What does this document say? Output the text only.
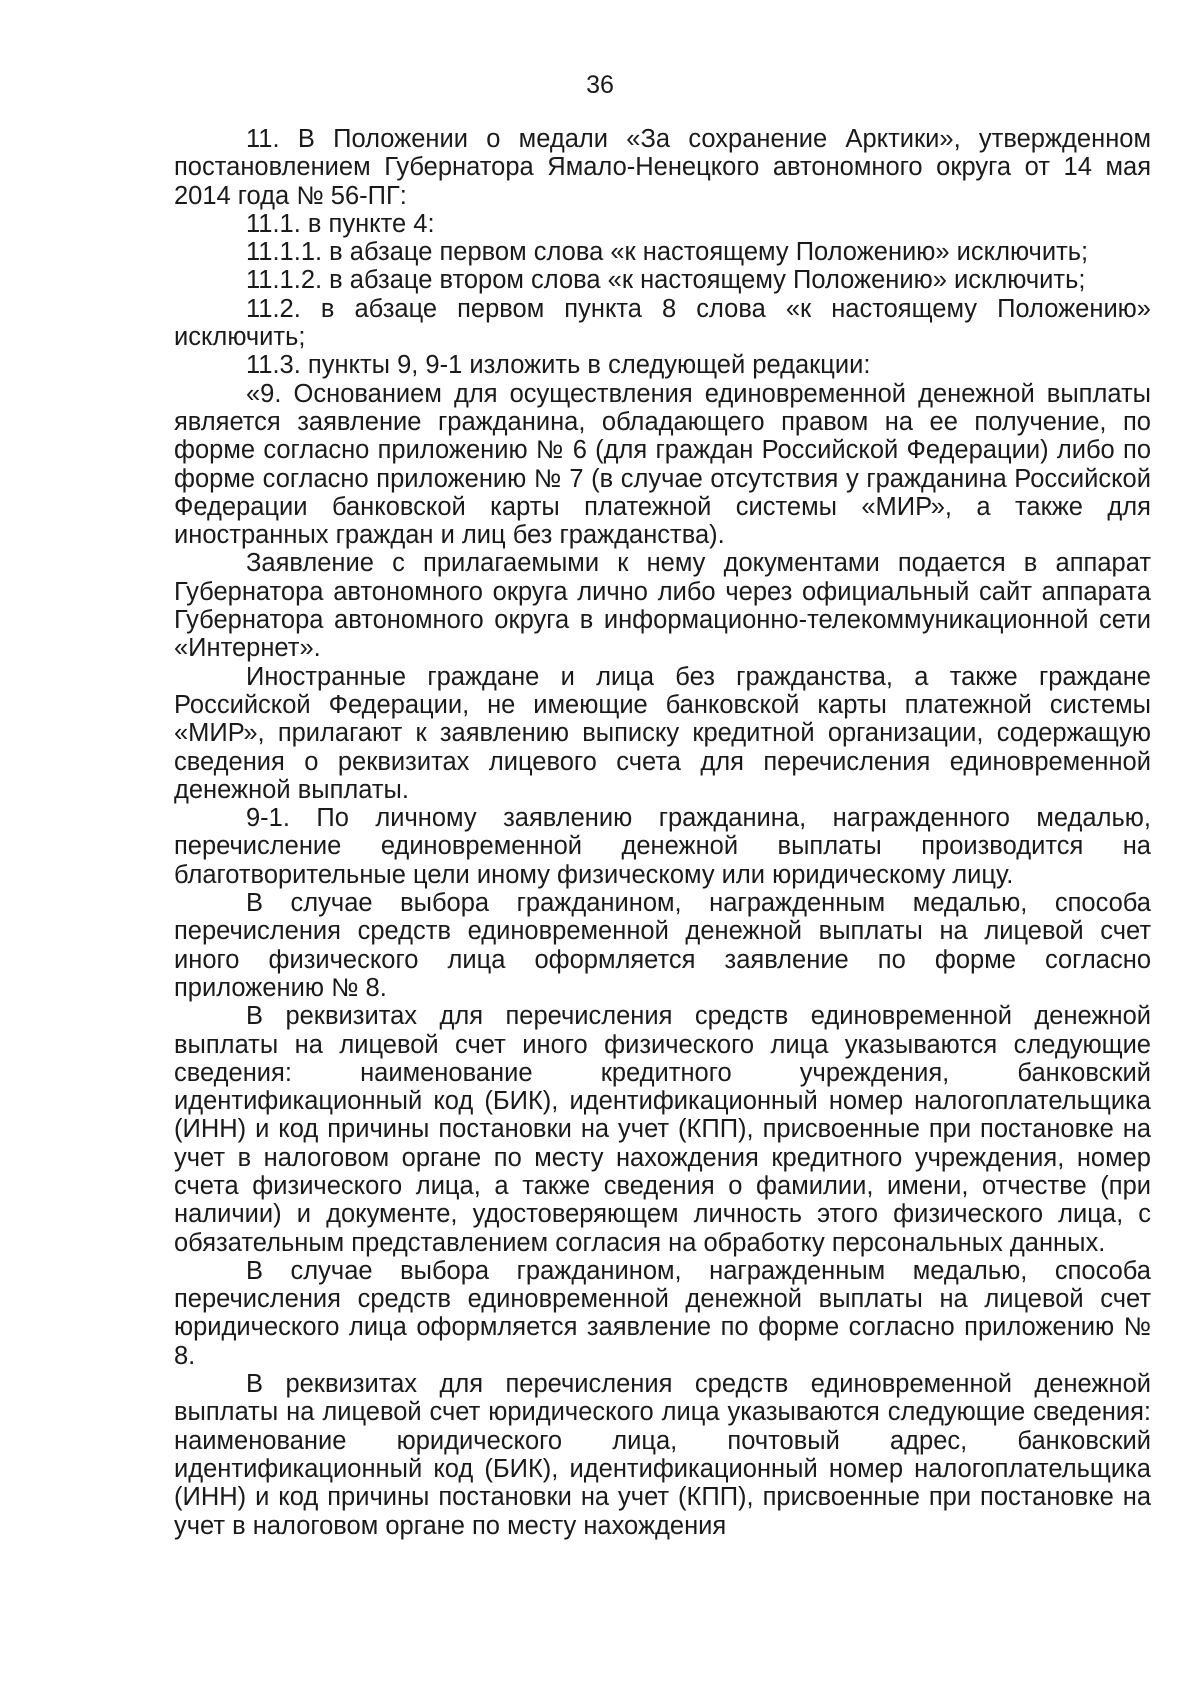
36

11. В Положении о медали «За сохранение Арктики», утвержденном постановлением Губернатора Ямало-Ненецкого автономного округа от 14 мая 2014 года № 56-ПГ:

11.1. в пункте 4:

11.1.1. в абзаце первом слова «к настоящему Положению» исключить;

11.1.2. в абзаце втором слова «к настоящему Положению» исключить;

11.2. в абзаце первом пункта 8 слова «к настоящему Положению» исключить;

11.3. пункты 9, 9-1 изложить в следующей редакции:

«9. Основанием для осуществления единовременной денежной выплаты является заявление гражданина, обладающего правом на ее получение, по форме согласно приложению № 6 (для граждан Российской Федерации) либо по форме согласно приложению № 7 (в случае отсутствия у гражданина Российской Федерации банковской карты платежной системы «МИР», а также для иностранных граждан и лиц без гражданства).

Заявление с прилагаемыми к нему документами подается в аппарат Губернатора автономного округа лично либо через официальный сайт аппарата Губернатора автономного округа в информационно-телекоммуникационной сети «Интернет».

Иностранные граждане и лица без гражданства, а также граждане Российской Федерации, не имеющие банковской карты платежной системы «МИР», прилагают к заявлению выписку кредитной организации, содержащую сведения о реквизитах лицевого счета для перечисления единовременной денежной выплаты.

9-1. По личному заявлению гражданина, награжденного медалью, перечисление единовременной денежной выплаты производится на благотворительные цели иному физическому или юридическому лицу.

В случае выбора гражданином, награжденным медалью, способа перечисления средств единовременной денежной выплаты на лицевой счет иного физического лица оформляется заявление по форме согласно приложению № 8.

В реквизитах для перечисления средств единовременной денежной выплаты на лицевой счет иного физического лица указываются следующие сведения: наименование кредитного учреждения, банковский идентификационный код (БИК), идентификационный номер налогоплательщика (ИНН) и код причины постановки на учет (КПП), присвоенные при постановке на учет в налоговом органе по месту нахождения кредитного учреждения, номер счета физического лица, а также сведения о фамилии, имени, отчестве (при наличии) и документе, удостоверяющем личность этого физического лица, с обязательным представлением согласия на обработку персональных данных.

В случае выбора гражданином, награжденным медалью, способа перечисления средств единовременной денежной выплаты на лицевой счет юридического лица оформляется заявление по форме согласно приложению № 8.

В реквизитах для перечисления средств единовременной денежной выплаты на лицевой счет юридического лица указываются следующие сведения: наименование юридического лица, почтовый адрес, банковский идентификационный код (БИК), идентификационный номер налогоплательщика (ИНН) и код причины постановки на учет (КПП), присвоенные при постановке на учет в налоговом органе по месту нахождения
